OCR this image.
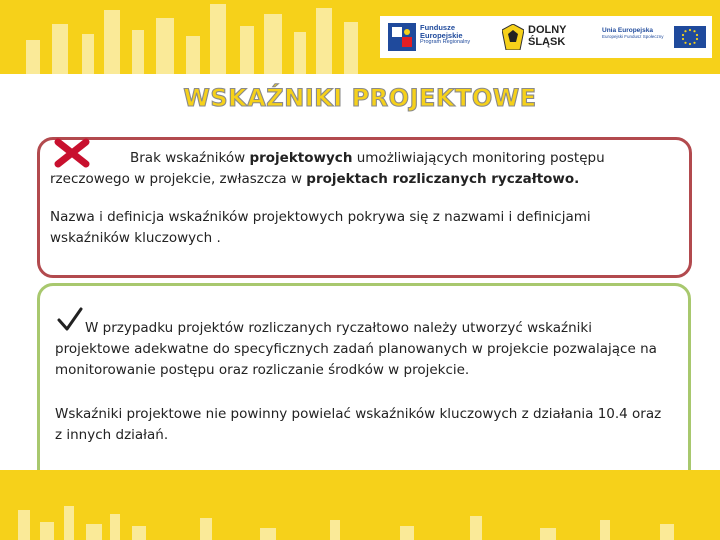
Fundusze
Europejskie
Program Regionalny
DOLNY
ŚLĄSK
Unia Europejska
Europejski Fundusz Społeczny
WSKAŹNIKI PROJEKTOWE

Brak wskaźników projektowych umożliwiających monitoring postępu rzeczowego w projekcie, zwłaszcza w projektach rozliczanych ryczałtowo.

Nazwa i definicja wskaźników projektowych pokrywa się z nazwami i definicjami wskaźników kluczowych .

W przypadku projektów rozliczanych ryczałtowo należy utworzyć wskaźniki projektowe adekwatne do specyficznych zadań planowanych w projekcie pozwalające na monitorowanie postępu oraz rozliczanie środków w projekcie.

Wskaźniki projektowe nie powinny powielać wskaźników kluczowych z działania 10.4 oraz z innych działań.
